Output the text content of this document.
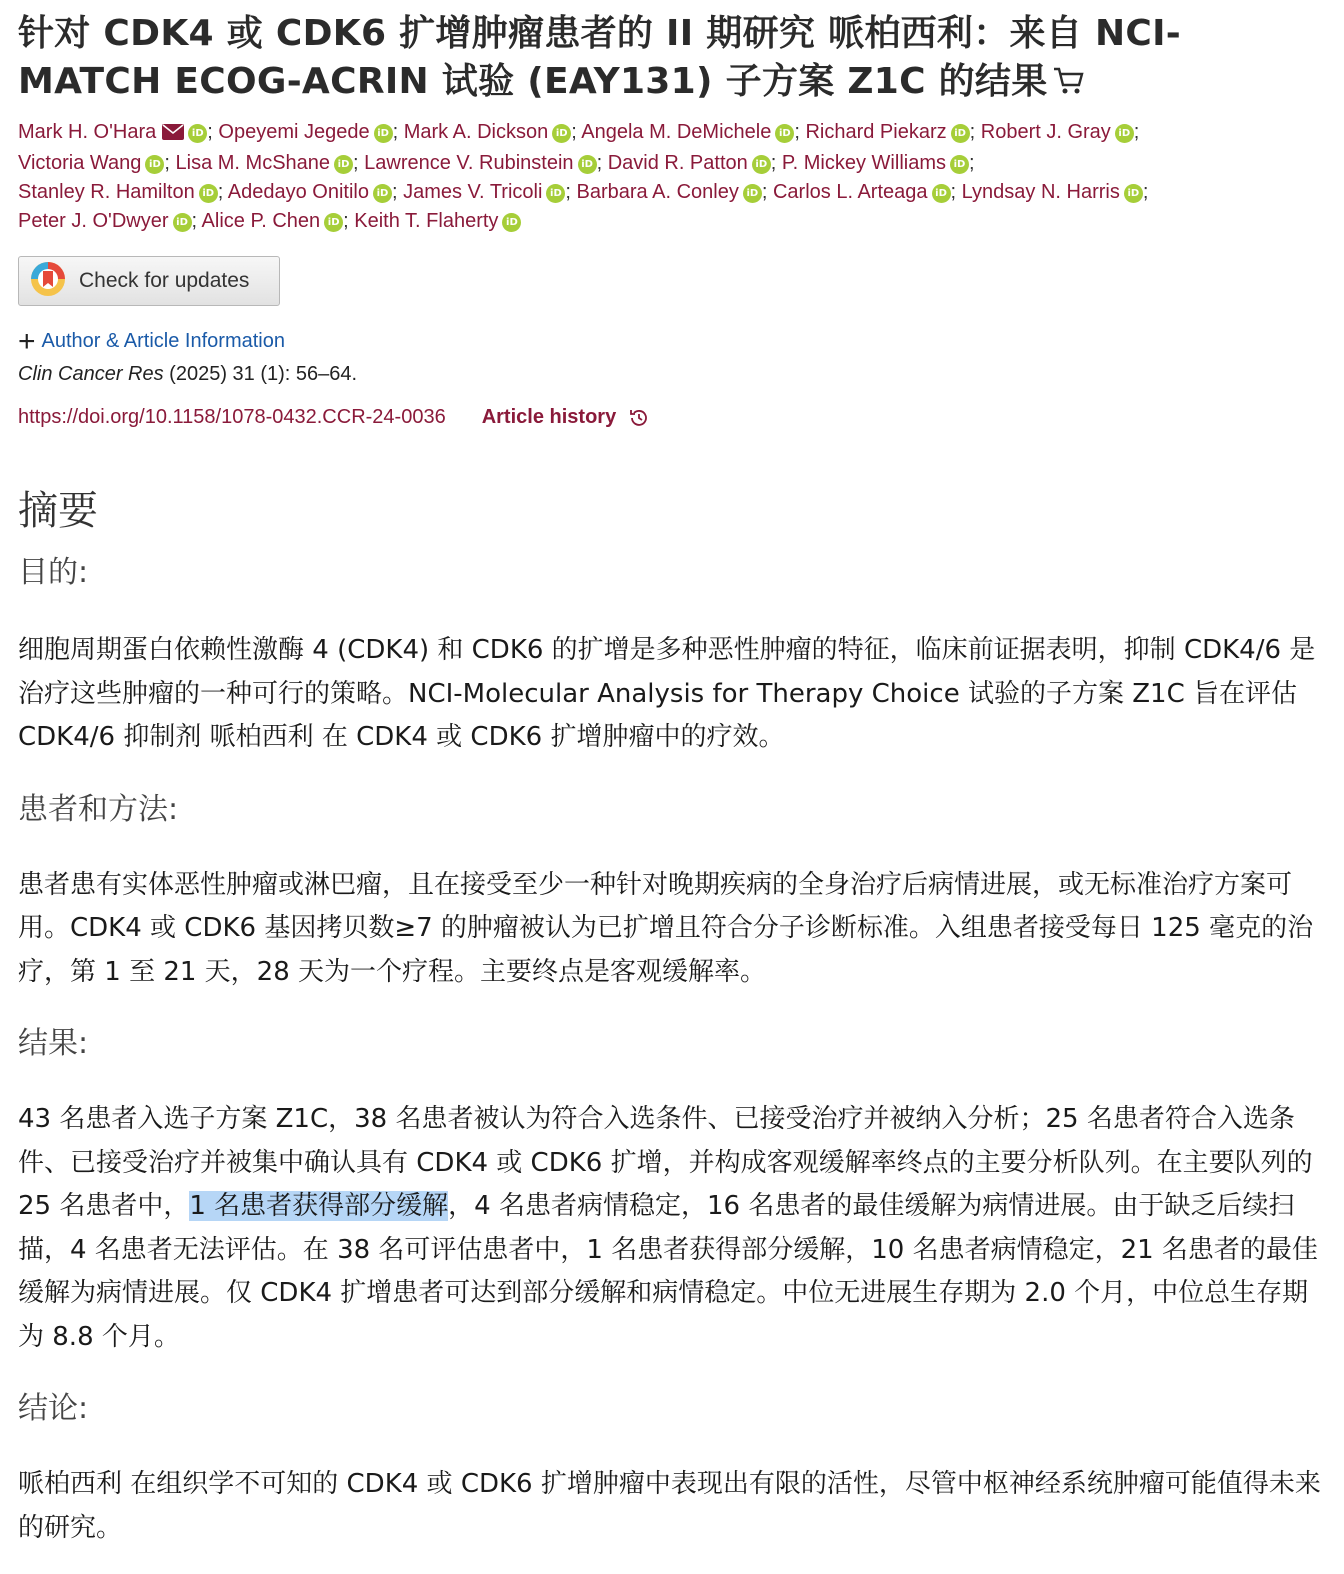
针对 CDK4 或 CDK6 扩增肿瘤患者的 II 期研究 哌柏西利：来自 NCI-
MATCH ECOG-ACRIN 试验 (EAY131) 子方案 Z1C 的结果
Mark H. O'Hara	iD ; Opeyemi Jegede iD ; Mark A. Dickson iD ; Angela M. DeMichele iD ; Richard Piekarz iD ; Robert J. Gray iD ;
Victoria Wang iD ; Lisa M. McShane iD ; Lawrence V. Rubinstein iD ; David R. Patton iD ; P. Mickey Williams iD ;
Stanley R. Hamilton iD ; Adedayo Onitilo iD ; James V. Tricoli iD ; Barbara A. Conley iD ; Carlos L. Arteaga iD ; Lyndsay N. Harris iD ;
Peter J. O'Dwyer iD ; Alice P. Chen iD ; Keith T. Flaherty iD
Check for updates
+ Author & Article Information
Clin Cancer Res (2025) 31 (1): 56–64.
https://doi.org/10.1158/1078-0432.CCR-24-0036 Article history
摘要
目的:

细胞周期蛋白依赖性激酶 4 (CDK4) 和 CDK6 的扩增是多种恶性肿瘤的特征，临床前证据表明，抑制 CDK4/6 是治疗这些肿瘤的一种可行的策略。NCI-Molecular Analysis for Therapy Choice 试验的子方案 Z1C 旨在评估 CDK4/6 抑制剂 哌柏西利 在 CDK4 或 CDK6 扩增肿瘤中的疗效。

患者和方法:

患者患有实体恶性肿瘤或淋巴瘤，且在接受至少一种针对晚期疾病的全身治疗后病情进展，或无标准治疗方案可用。CDK4 或 CDK6 基因拷贝数≥7 的肿瘤被认为已扩增且符合分子诊断标准。入组患者接受每日 125 毫克的治疗，第 1 至 21 天，28 天为一个疗程。主要终点是客观缓解率。

结果:

43 名患者入选子方案 Z1C，38 名患者被认为符合入选条件、已接受治疗并被纳入分析；25 名患者符合入选条件、已接受治疗并被集中确认具有 CDK4 或 CDK6 扩增，并构成客观缓解率终点的主要分析队列。在主要队列的 25 名患者中，1 名患者获得部分缓解，4 名患者病情稳定，16 名患者的最佳缓解为病情进展。由于缺乏后续扫描，4 名患者无法评估。在 38 名可评估患者中，1 名患者获得部分缓解，10 名患者病情稳定，21 名患者的最佳缓解为病情进展。仅 CDK4 扩增患者可达到部分缓解和病情稳定。中位无进展生存期为 2.0 个月，中位总生存期为 8.8 个月。

结论:

哌柏西利 在组织学不可知的 CDK4 或 CDK6 扩增肿瘤中表现出有限的活性，尽管中枢神经系统肿瘤可能值得未来的研究。
